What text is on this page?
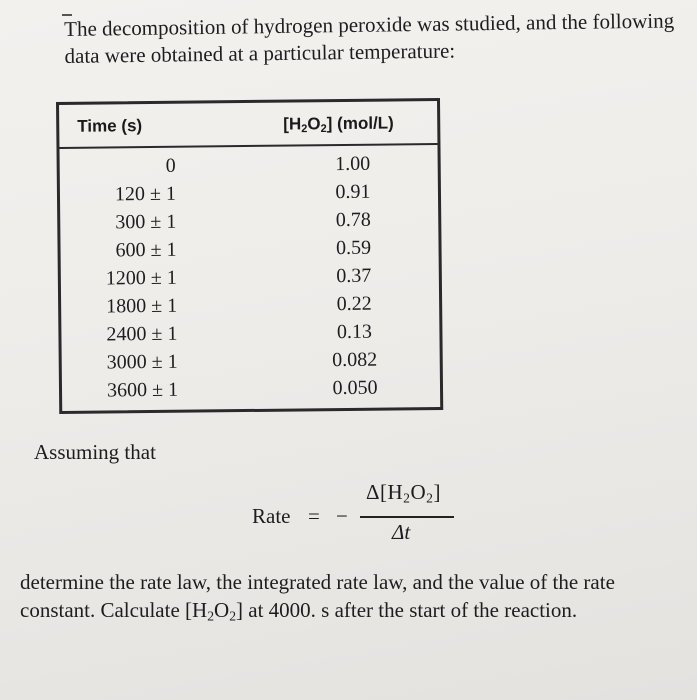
The decomposition of hydrogen peroxide was studied, and the following data were obtained at a particular temperature:
Time (s)	$[H_2O_2]$ (mol/L)
0
120 ± 1
300 ± 1
600 ± 1
1200 ± 1
1800 ± 1
2400 ± 1
3000 ± 1
3600 ± 1
1.00
0.91
0.78
0.59
0.37
0.22
0.13
0.082
0.050
Assuming that
Rate = −
$\Delta[H_2O_2]$
Δt
determine the rate law, the integrated rate law, and the value of the rate constant. Calculate $[H_2O_2]$ at 4000. s after the start of the reaction.
